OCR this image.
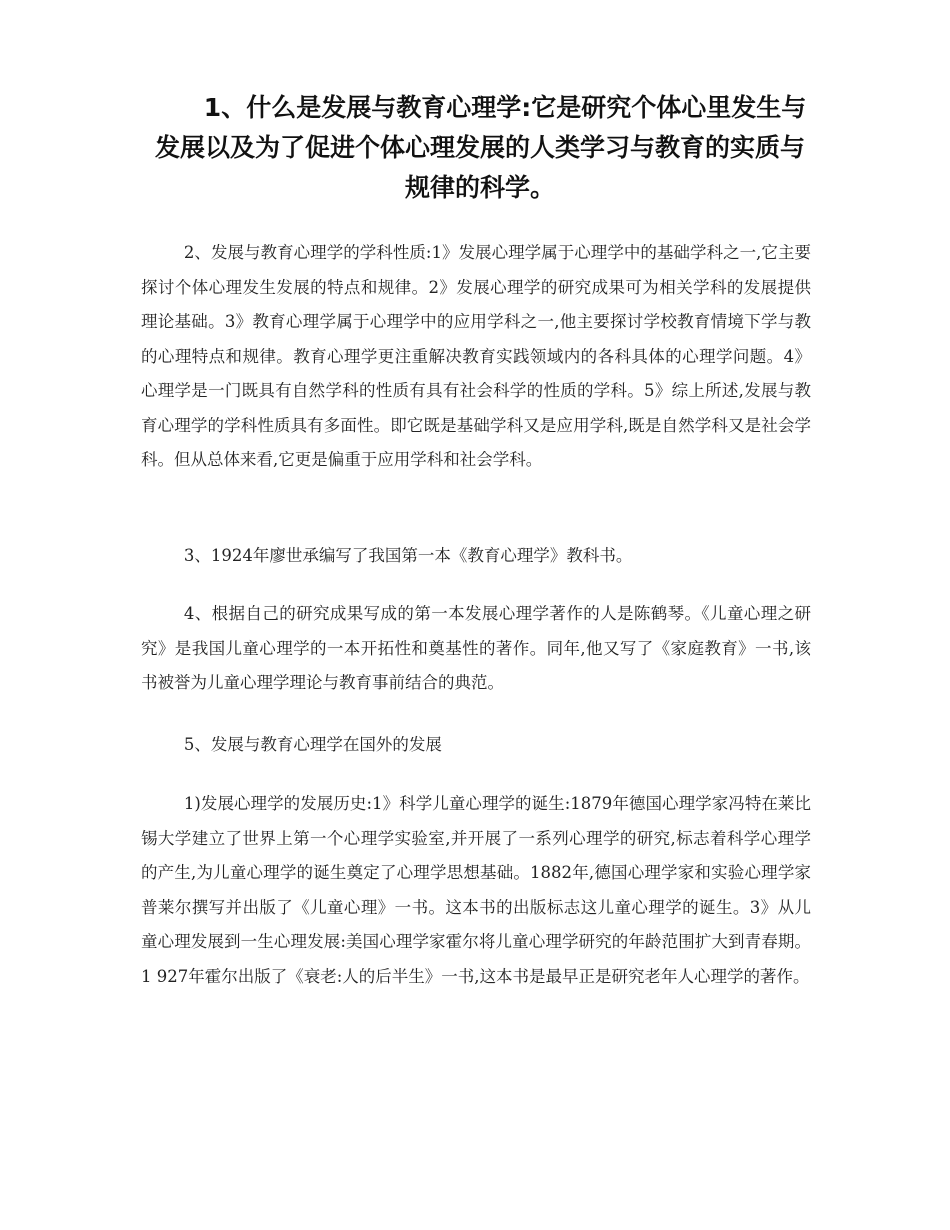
1、什么是发展与教育心理学:它是研究个体心里发生与发展以及为了促进个体心理发展的人类学习与教育的实质与规律的科学。

2、发展与教育心理学的学科性质:1》发展心理学属于心理学中的基础学科之一,它主要探讨个体心理发生发展的特点和规律。2》发展心理学的研究成果可为相关学科的发展提供理论基础。3》教育心理学属于心理学中的应用学科之一,他主要探讨学校教育情境下学与教的心理特点和规律。教育心理学更注重解决教育实践领域内的各科具体的心理学问题。4》心理学是一门既具有自然学科的性质有具有社会科学的性质的学科。5》综上所述,发展与教育心理学的学科性质具有多面性。即它既是基础学科又是应用学科,既是自然学科又是社会学科。但从总体来看,它更是偏重于应用学科和社会学科。

3、1924年廖世承编写了我国第一本《教育心理学》教科书。

4、根据自己的研究成果写成的第一本发展心理学著作的人是陈鹤琴。《儿童心理之研究》是我国儿童心理学的一本开拓性和奠基性的著作。同年,他又写了《家庭教育》一书,该书被誉为儿童心理学理论与教育事前结合的典范。

5、发展与教育心理学在国外的发展

1)发展心理学的发展历史:1》科学儿童心理学的诞生:1879年德国心理学家冯特在莱比锡大学建立了世界上第一个心理学实验室,并开展了一系列心理学的研究,标志着科学心理学的产生,为儿童心理学的诞生奠定了心理学思想基础。1882年,德国心理学家和实验心理学家普莱尔撰写并出版了《儿童心理》一书。这本书的出版标志这儿童心理学的诞生。3》从儿童心理发展到一生心理发展:美国心理学家霍尔将儿童心理学研究的年龄范围扩大到青春期。1 927年霍尔出版了《衰老:人的后半生》一书,这本书是最早正是研究老年人心理学的著作。
